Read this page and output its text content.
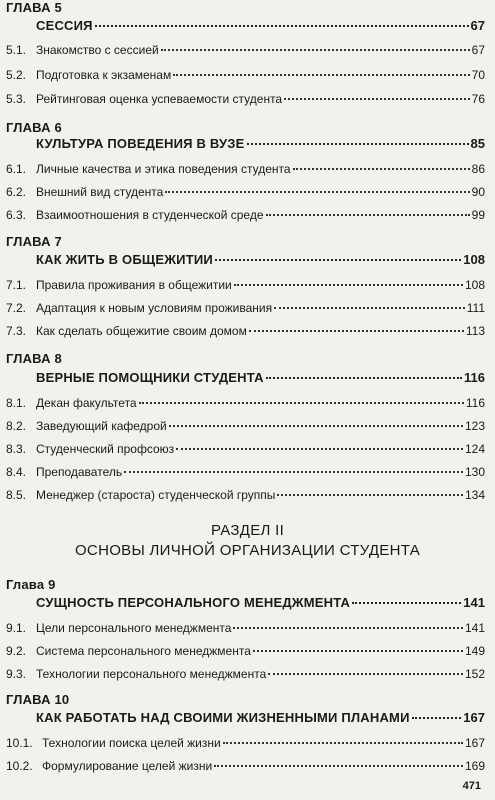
ГЛАВА 5
СЕССИЯ	67
5.1. Знакомство с сессией	67
5.2. Подготовка к экзаменам	70
5.3. Рейтинговая оценка успеваемости студента	76
ГЛАВА 6
КУЛЬТУРА ПОВЕДЕНИЯ В ВУЗЕ	85
6.1. Личные качества и этика поведения студента	86
6.2. Внешний вид студента	90
6.3. Взаимоотношения в студенческой среде	99
ГЛАВА 7
КАК ЖИТЬ В ОБЩЕЖИТИИ	108
7.1. Правила проживания в общежитии	108
7.2. Адаптация к новым условиям проживания	111
7.3. Как сделать общежитие своим домом	113
ГЛАВА 8
ВЕРНЫЕ ПОМОЩНИКИ СТУДЕНТА	116
8.1. Декан факультета	116
8.2. Заведующий кафедрой	123
8.3. Студенческий профсоюз	124
8.4. Преподаватель	130
8.5. Менеджер (староста) студенческой группы	134
РАЗДЕЛ II
ОСНОВЫ ЛИЧНОЙ ОРГАНИЗАЦИИ СТУДЕНТА
Глава 9
СУЩНОСТЬ ПЕРСОНАЛЬНОГО МЕНЕДЖМЕНТА	141
9.1. Цели персонального менеджмента	141
9.2. Система персонального менеджмента	149
9.3. Технологии персонального менеджмента	152
ГЛАВА 10
КАК РАБОТАТЬ НАД СВОИМИ ЖИЗНЕННЫМИ ПЛАНАМИ	167
10.1. Технологии поиска целей жизни	167
10.2. Формулирование целей жизни	169
471
